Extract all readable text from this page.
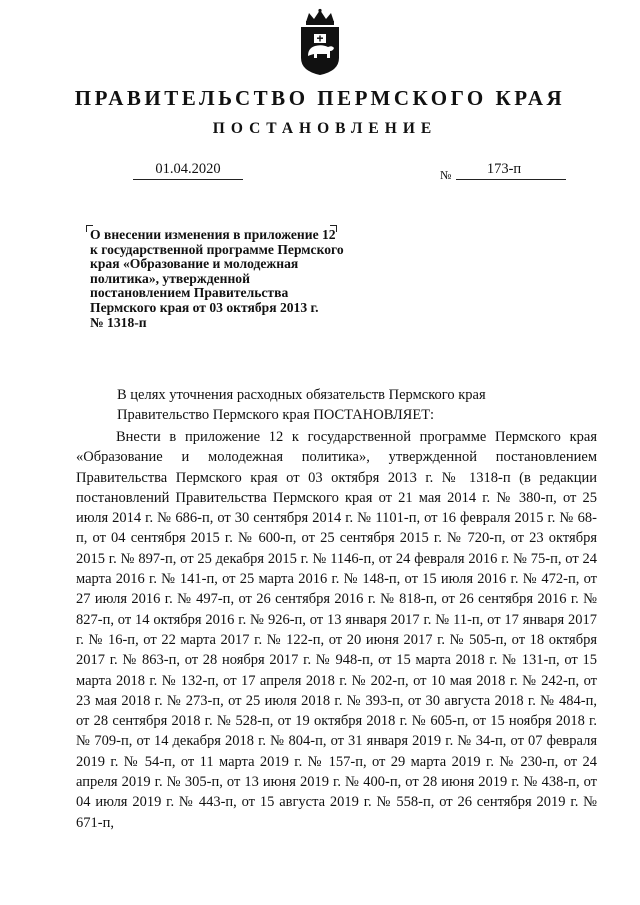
ПРАВИТЕЛЬСТВО ПЕРМСКОГО КРАЯ
ПОСТАНОВЛЕНИЕ
01.04.2020	№	173-п
О внесении изменения в приложение 12
к государственной программе Пермского
края «Образование и молодежная
политика», утвержденной
постановлением Правительства
Пермского края от 03 октября 2013 г.
№ 1318-п
В целях уточнения расходных обязательств Пермского края
Правительство Пермского края ПОСТАНОВЛЯЕТ:

Внести в приложение 12 к государственной программе Пермского края «Образование и молодежная политика», утвержденной постановлением Правительства Пермского края от 03 октября 2013 г. № 1318-п (в редакции постановлений Правительства Пермского края от 21 мая 2014 г. № 380-п, от 25 июля 2014 г. № 686-п, от 30 сентября 2014 г. № 1101-п, от 16 февраля 2015 г. № 68-п, от 04 сентября 2015 г. № 600-п, от 25 сентября 2015 г. № 720-п, от 23 октября 2015 г. № 897-п, от 25 декабря 2015 г. № 1146-п, от 24 февраля 2016 г. № 75-п, от 24 марта 2016 г. № 141-п, от 25 марта 2016 г. № 148-п, от 15 июля 2016 г. № 472-п, от 27 июля 2016 г. № 497-п, от 26 сентября 2016 г. № 818-п, от 26 сентября 2016 г. № 827-п, от 14 октября 2016 г. № 926-п, от 13 января 2017 г. № 11-п, от 17 января 2017 г. № 16-п, от 22 марта 2017 г. № 122-п, от 20 июня 2017 г. № 505-п, от 18 октября 2017 г. № 863-п, от 28 ноября 2017 г. № 948-п, от 15 марта 2018 г. № 131-п, от 15 марта 2018 г. № 132-п, от 17 апреля 2018 г. № 202-п, от 10 мая 2018 г. № 242-п, от 23 мая 2018 г. № 273-п, от 25 июля 2018 г. № 393-п, от 30 августа 2018 г. № 484-п, от 28 сентября 2018 г. № 528-п, от 19 октября 2018 г. № 605-п, от 15 ноября 2018 г. № 709-п, от 14 декабря 2018 г. № 804-п, от 31 января 2019 г. № 34-п, от 07 февраля 2019 г. № 54-п, от 11 марта 2019 г. № 157-п, от 29 марта 2019 г. № 230-п, от 24 апреля 2019 г. № 305-п, от 13 июня 2019 г. № 400-п, от 28 июня 2019 г. № 438-п, от 04 июля 2019 г. № 443-п, от 15 августа 2019 г. № 558-п, от 26 сентября 2019 г. № 671-п,
